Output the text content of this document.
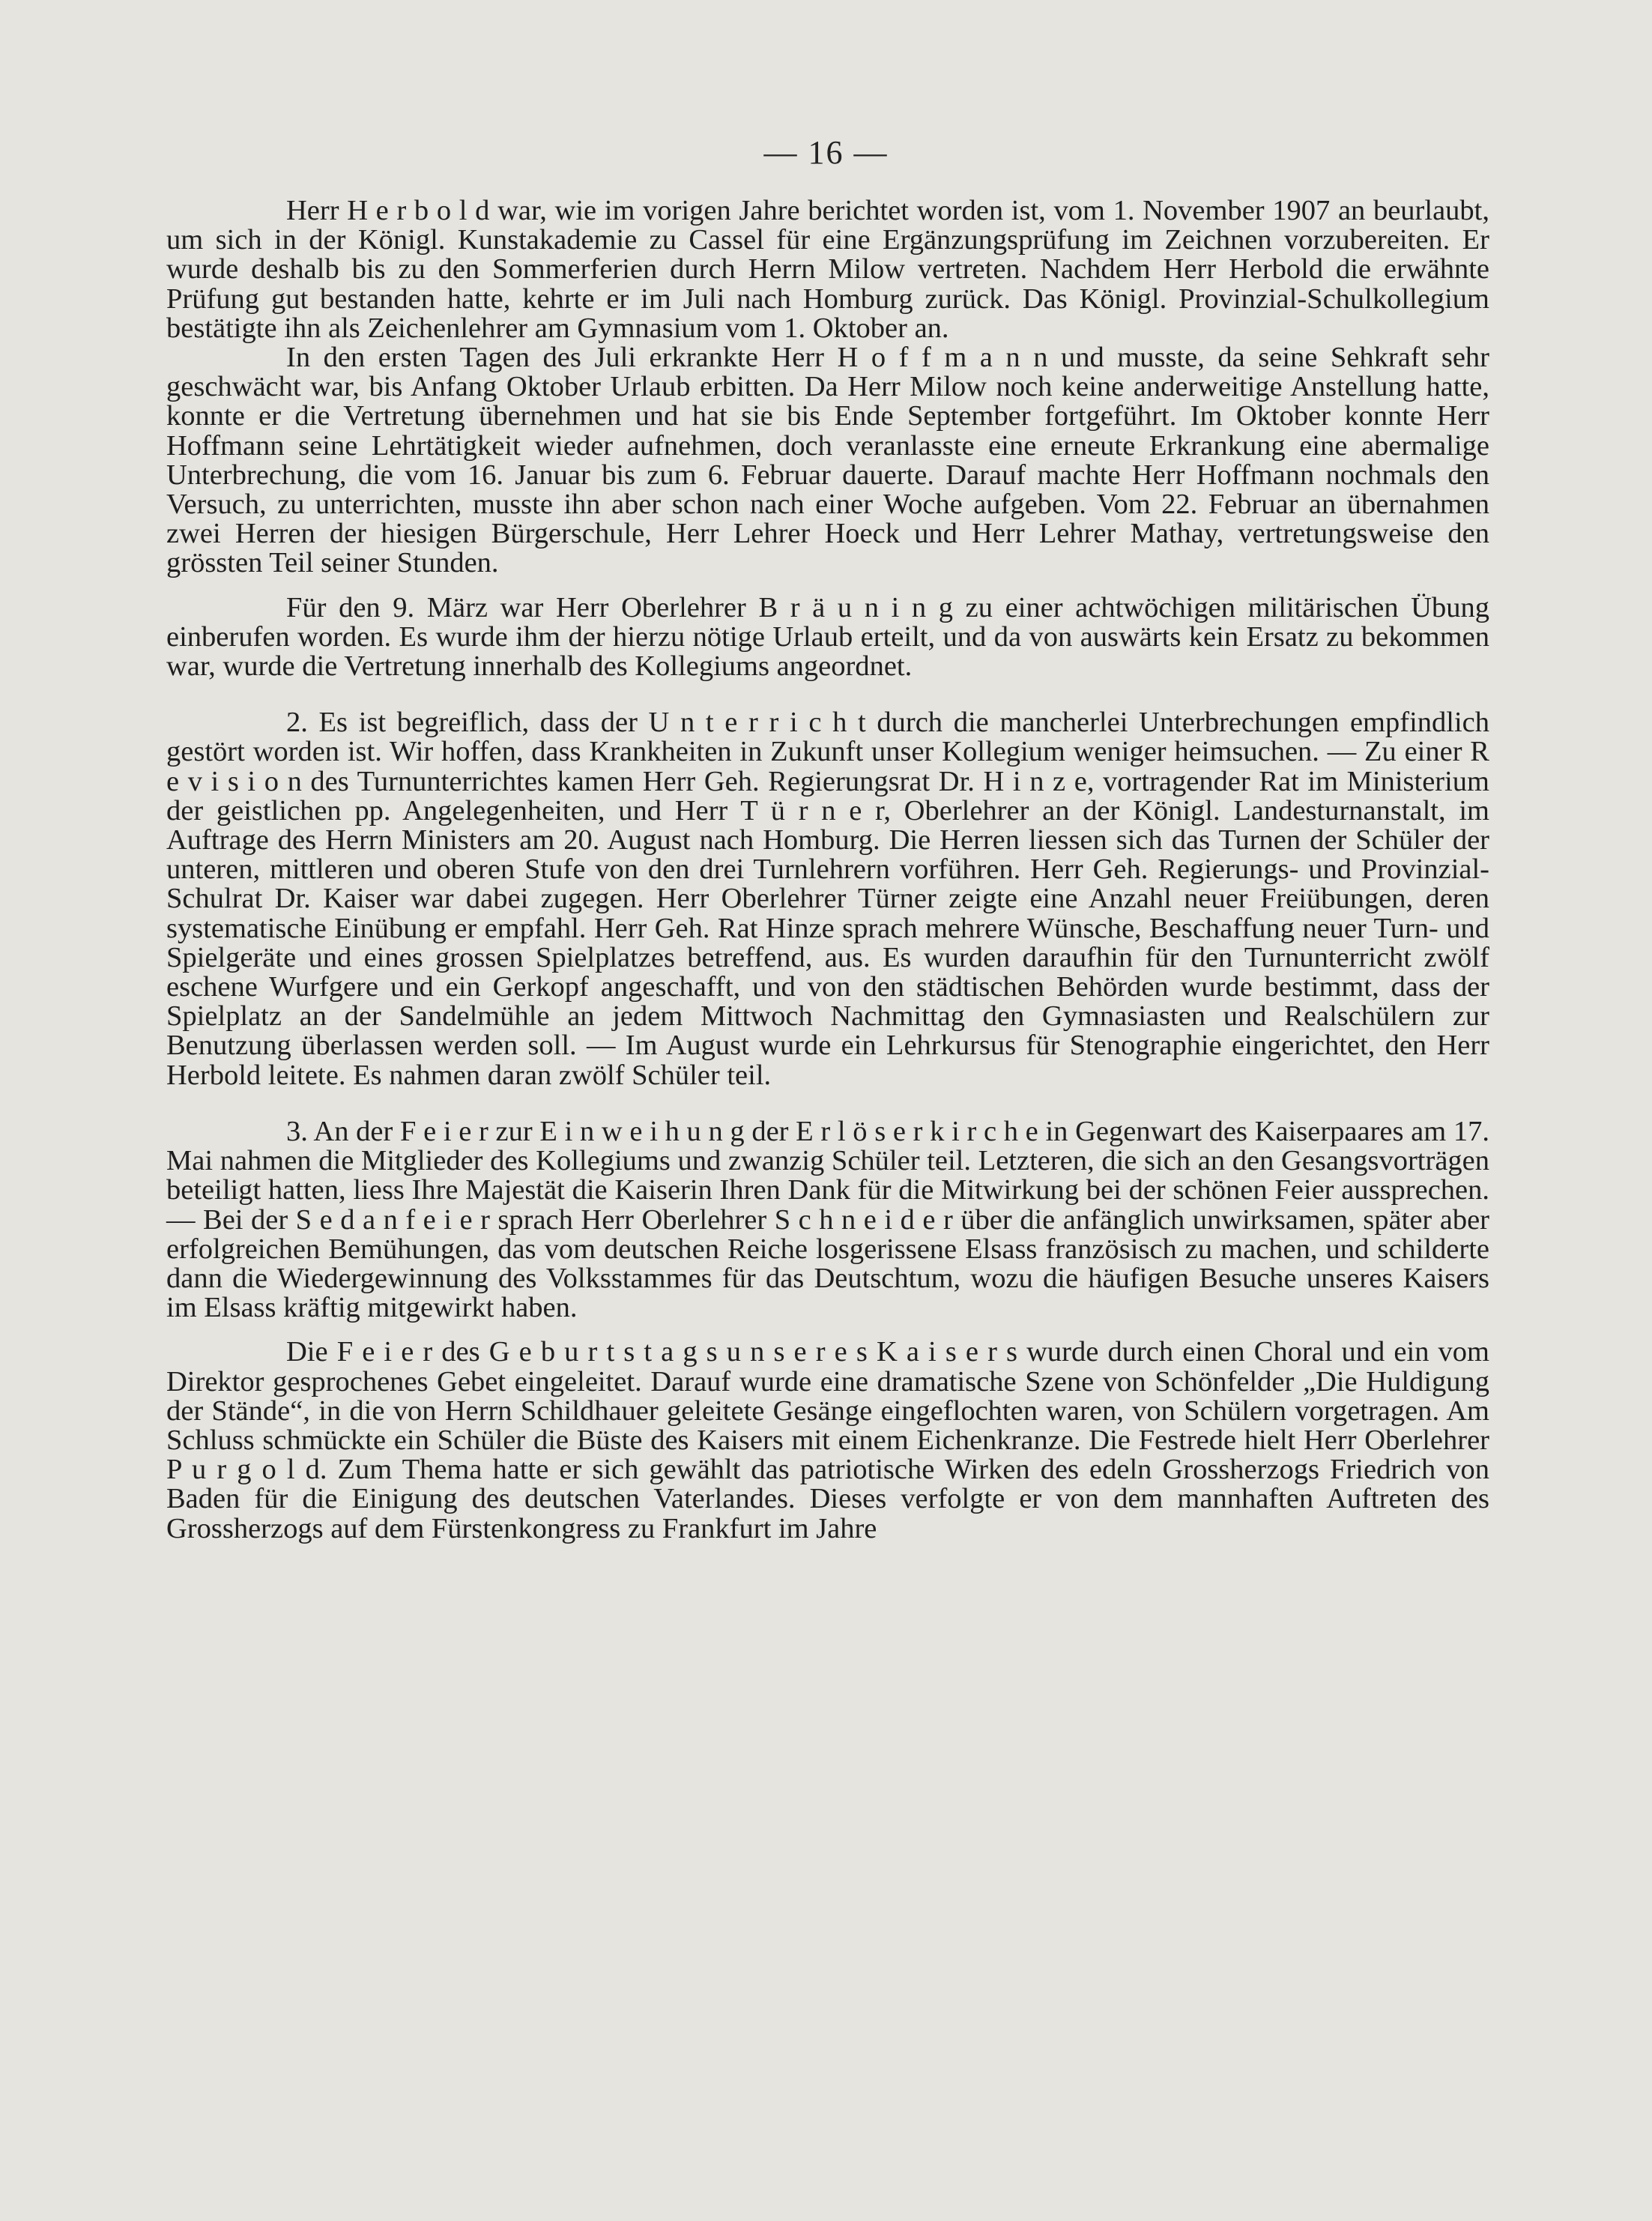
— 16 —

Herr H e r b o l d war, wie im vorigen Jahre berichtet worden ist, vom 1. November 1907 an beurlaubt, um sich in der Königl. Kunstakademie zu Cassel für eine Ergänzungsprüfung im Zeichnen vorzubereiten. Er wurde deshalb bis zu den Sommerferien durch Herrn Milow vertreten. Nachdem Herr Herbold die erwähnte Prüfung gut bestanden hatte, kehrte er im Juli nach Homburg zurück. Das Königl. Provinzial-Schulkollegium bestätigte ihn als Zeichenlehrer am Gymnasium vom 1. Oktober an.

In den ersten Tagen des Juli erkrankte Herr H o f f m a n n und musste, da seine Sehkraft sehr geschwächt war, bis Anfang Oktober Urlaub erbitten. Da Herr Milow noch keine anderweitige Anstellung hatte, konnte er die Vertretung übernehmen und hat sie bis Ende September fortgeführt. Im Oktober konnte Herr Hoffmann seine Lehrtätigkeit wieder aufnehmen, doch veranlasste eine erneute Erkrankung eine abermalige Unterbrechung, die vom 16. Januar bis zum 6. Februar dauerte. Darauf machte Herr Hoffmann nochmals den Versuch, zu unterrichten, musste ihn aber schon nach einer Woche aufgeben. Vom 22. Februar an übernahmen zwei Herren der hiesigen Bürgerschule, Herr Lehrer Hoeck und Herr Lehrer Mathay, vertretungsweise den grössten Teil seiner Stunden.

Für den 9. März war Herr Oberlehrer B r ä u n i n g zu einer achtwöchigen militärischen Übung einberufen worden. Es wurde ihm der hierzu nötige Urlaub erteilt, und da von auswärts kein Ersatz zu bekommen war, wurde die Vertretung innerhalb des Kollegiums angeordnet.

2. Es ist begreiflich, dass der U n t e r r i c h t durch die mancherlei Unterbrechungen empfindlich gestört worden ist. Wir hoffen, dass Krankheiten in Zukunft unser Kollegium weniger heimsuchen. — Zu einer R e v i s i o n des Turnunterrichtes kamen Herr Geh. Regierungsrat Dr. H i n z e, vortragender Rat im Ministerium der geistlichen pp. Angelegenheiten, und Herr T ü r n e r, Oberlehrer an der Königl. Landesturnanstalt, im Auftrage des Herrn Ministers am 20. August nach Homburg. Die Herren liessen sich das Turnen der Schüler der unteren, mittleren und oberen Stufe von den drei Turnlehrern vorführen. Herr Geh. Regierungs- und Provinzial-Schulrat Dr. Kaiser war dabei zugegen. Herr Oberlehrer Türner zeigte eine Anzahl neuer Freiübungen, deren systematische Einübung er empfahl. Herr Geh. Rat Hinze sprach mehrere Wünsche, Beschaffung neuer Turn- und Spielgeräte und eines grossen Spielplatzes betreffend, aus. Es wurden daraufhin für den Turnunterricht zwölf eschene Wurfgere und ein Gerkopf angeschafft, und von den städtischen Behörden wurde bestimmt, dass der Spielplatz an der Sandelmühle an jedem Mittwoch Nachmittag den Gymnasiasten und Realschülern zur Benutzung überlassen werden soll. — Im August wurde ein Lehrkursus für Stenographie eingerichtet, den Herr Herbold leitete. Es nahmen daran zwölf Schüler teil.

3. An der F e i e r zur E i n w e i h u n g der E r l ö s e r k i r c h e in Gegenwart des Kaiserpaares am 17. Mai nahmen die Mitglieder des Kollegiums und zwanzig Schüler teil. Letzteren, die sich an den Gesangsvorträgen beteiligt hatten, liess Ihre Majestät die Kaiserin Ihren Dank für die Mitwirkung bei der schönen Feier aussprechen. — Bei der S e d a n f e i e r sprach Herr Oberlehrer S c h n e i d e r über die anfänglich unwirksamen, später aber erfolgreichen Bemühungen, das vom deutschen Reiche losgerissene Elsass französisch zu machen, und schilderte dann die Wiedergewinnung des Volksstammes für das Deutschtum, wozu die häufigen Besuche unseres Kaisers im Elsass kräftig mitgewirkt haben.

Die F e i e r des G e b u r t s t a g s u n s e r e s K a i s e r s wurde durch einen Choral und ein vom Direktor gesprochenes Gebet eingeleitet. Darauf wurde eine dramatische Szene von Schönfelder „Die Huldigung der Stände“, in die von Herrn Schildhauer geleitete Gesänge eingeflochten waren, von Schülern vorgetragen. Am Schluss schmückte ein Schüler die Büste des Kaisers mit einem Eichenkranze. Die Festrede hielt Herr Oberlehrer P u r g o l d. Zum Thema hatte er sich gewählt das patriotische Wirken des edeln Grossherzogs Friedrich von Baden für die Einigung des deutschen Vaterlandes. Dieses verfolgte er von dem mannhaften Auftreten des Grossherzogs auf dem Fürstenkongress zu Frankfurt im Jahre
